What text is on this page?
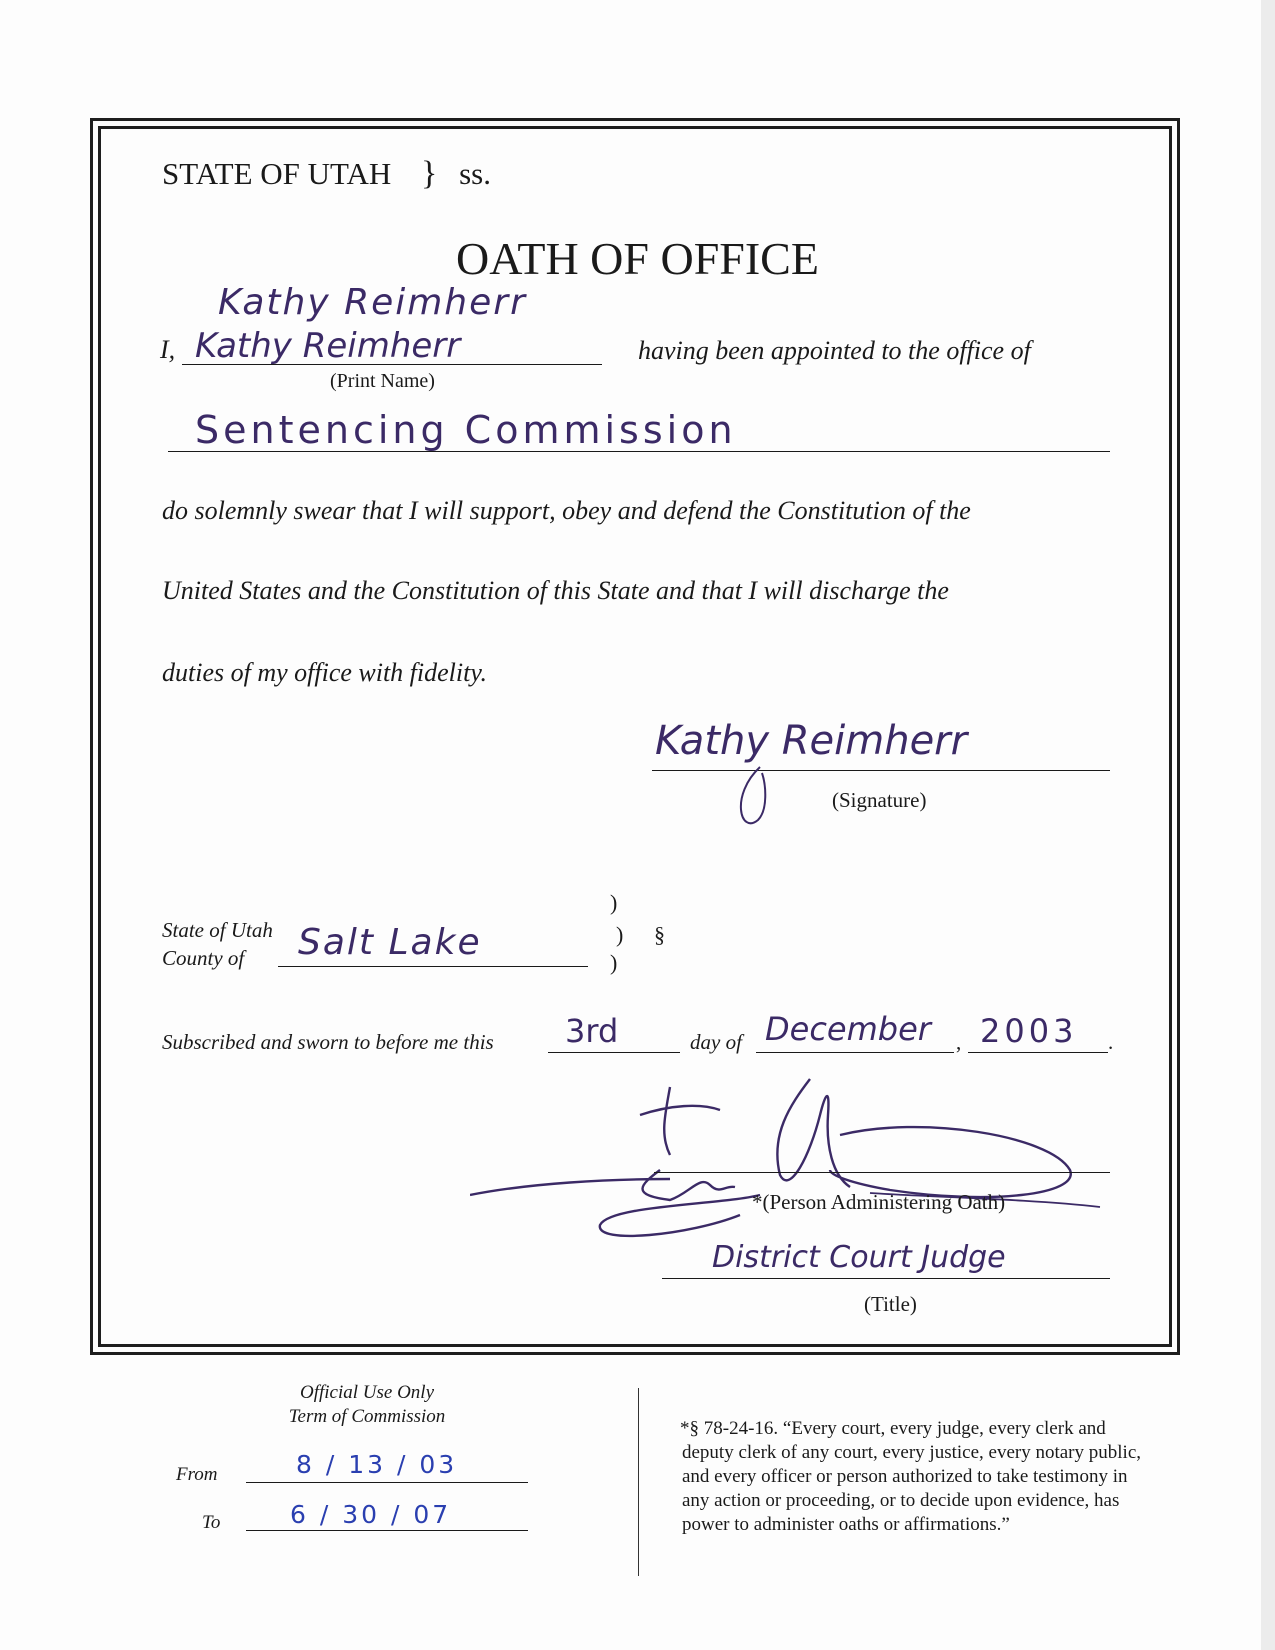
STATE OF UTAH } ss.
OATH OF OFFICE
Kathy Reimherr
I, Kathy Reimherr
(Print Name)
having been appointed to the office of
Sentencing Commission
do solemnly swear that I will support, obey and defend the Constitution of the
United States and the Constitution of this State and that I will discharge the
duties of my office with fidelity.
Kathy Reimherr
(Signature)
State of Utah
County of Salt Lake
)
)
)
§
Subscribed and sworn to before me this 3rd	day of December , 2003 .
*(Person Administering Oath)
District Court Judge
(Title)
Official Use Only
Term of Commission
From	8 / 13 / 03
To	6 / 30 / 07
*§ 78-24-16. “Every court, every judge, every clerk and
deputy clerk of any court, every justice, every notary public,
and every officer or person authorized to take testimony in
any action or proceeding, or to decide upon evidence, has
power to administer oaths or affirmations.”
